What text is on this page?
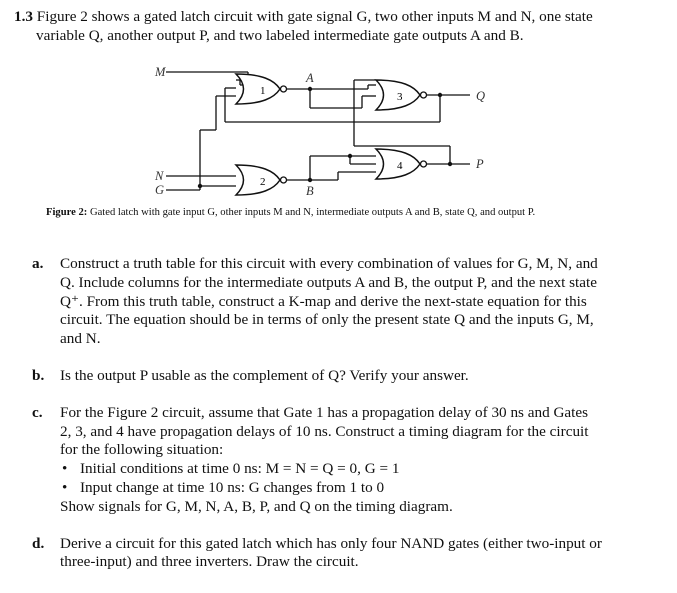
1.3 Figure 2 shows a gated latch circuit with gate signal G, two other inputs M and N, one state
variable Q, another output P, and two labeled intermediate gate outputs A and B.
1	3
2
4
M	A
Q
N
G	B
P
Figure 2: Gated latch with gate input G, other inputs M and N, intermediate outputs A and B, state Q, and output P.
a. Construct a truth table for this circuit with every combination of values for G, M, N, and
Q. Include columns for the intermediate outputs A and B, the output P, and the next state
Q⁺. From this truth table, construct a K-map and derive the next-state equation for this
circuit. The equation should be in terms of only the present state Q and the inputs G, M,
and N.
b. Is the output P usable as the complement of Q? Verify your answer.
c. For the Figure 2 circuit, assume that Gate 1 has a propagation delay of 30 ns and Gates
2, 3, and 4 have propagation delays of 10 ns. Construct a timing diagram for the circuit
for the following situation:
• Initial conditions at time 0 ns: M = N = Q = 0, G = 1
• Input change at time 10 ns: G changes from 1 to 0
Show signals for G, M, N, A, B, P, and Q on the timing diagram.
d. Derive a circuit for this gated latch which has only four NAND gates (either two-input or
three-input) and three inverters. Draw the circuit.
